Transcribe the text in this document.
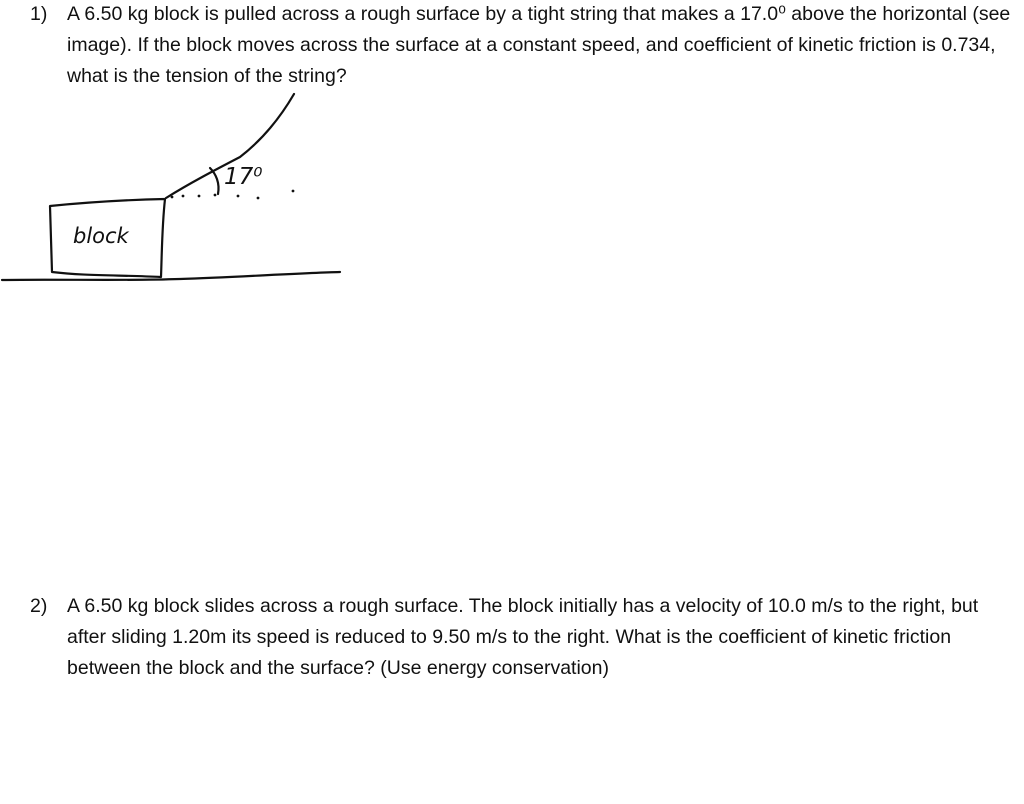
1) A 6.50 kg block is pulled across a rough surface by a tight string that makes a 17.0⁰ above the horizontal (see image). If the block moves across the surface at a constant speed, and coefficient of kinetic friction is 0.734, what is the tension of the string?
block
17⁰
2) A 6.50 kg block slides across a rough surface. The block initially has a velocity of 10.0 m/s to the right, but after sliding 1.20m its speed is reduced to 9.50 m/s to the right. What is the coefficient of kinetic friction between the block and the surface? (Use energy conservation)
